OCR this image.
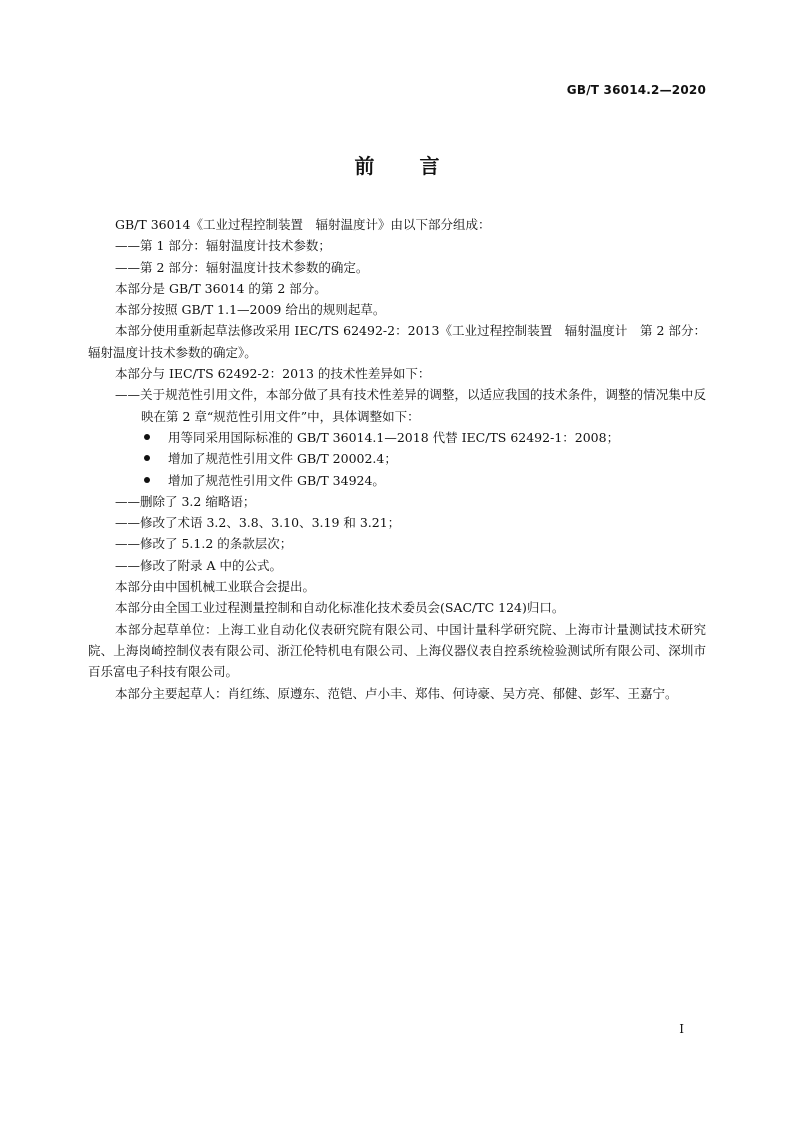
GB/T 36014.2—2020
前言

GB/T 36014《工业过程控制装置　辐射温度计》由以下部分组成：

——第 1 部分：辐射温度计技术参数；

——第 2 部分：辐射温度计技术参数的确定。

本部分是 GB/T 36014 的第 2 部分。

本部分按照 GB/T 1.1—2009 给出的规则起草。

本部分使用重新起草法修改采用 IEC/TS 62492-2：2013《工业过程控制装置　辐射温度计　第 2 部分：辐射温度计技术参数的确定》。

本部分与 IEC/TS 62492-2：2013 的技术性差异如下：

——关于规范性引用文件，本部分做了具有技术性差异的调整，以适应我国的技术条件，调整的情况集中反映在第 2 章“规范性引用文件”中，具体调整如下：

用等同采用国际标准的 GB/T 36014.1—2018 代替 IEC/TS 62492-1：2008；

增加了规范性引用文件 GB/T 20002.4；

增加了规范性引用文件 GB/T 34924。

——删除了 3.2 缩略语；

——修改了术语 3.2、3.8、3.10、3.19 和 3.21；

——修改了 5.1.2 的条款层次；

——修改了附录 A 中的公式。

本部分由中国机械工业联合会提出。

本部分由全国工业过程测量控制和自动化标准化技术委员会(SAC/TC 124)归口。

本部分起草单位：上海工业自动化仪表研究院有限公司、中国计量科学研究院、上海市计量测试技术研究院、上海岗崎控制仪表有限公司、浙江伦特机电有限公司、上海仪器仪表自控系统检验测试所有限公司、深圳市百乐富电子科技有限公司。

本部分主要起草人：肖红练、原遵东、范铠、卢小丰、郑伟、何诗豪、吴方亮、郁健、彭军、王嘉宁。

I
